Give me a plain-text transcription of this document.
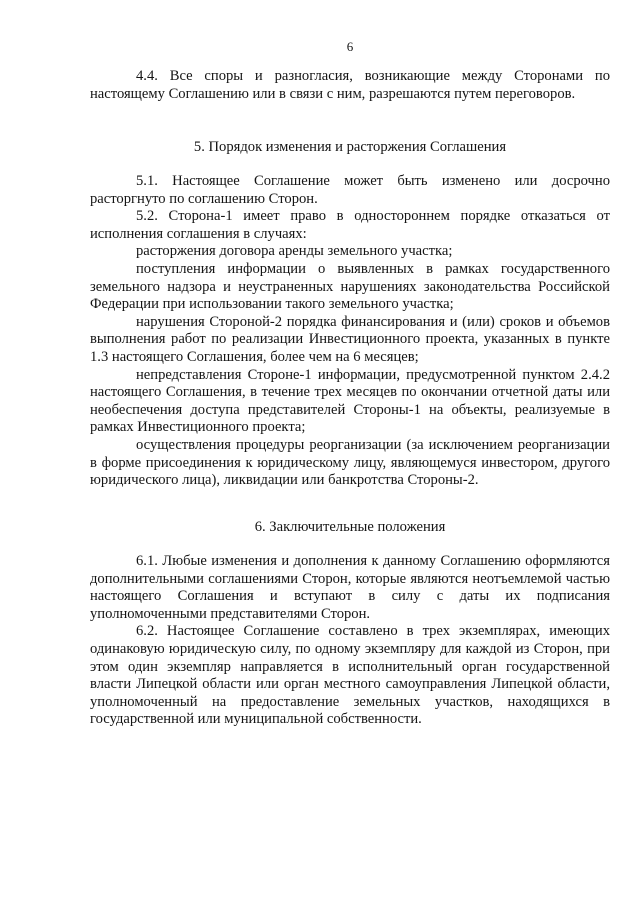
6

4.4. Все споры и разногласия, возникающие между Сторонами по настоящему Соглашению или в связи с ним, разрешаются путем переговоров.

5. Порядок изменения и расторжения Соглашения

5.1. Настоящее Соглашение может быть изменено или досрочно расторгнуто по соглашению Сторон.

5.2. Сторона-1 имеет право в одностороннем порядке отказаться от исполнения соглашения в случаях:

расторжения договора аренды земельного участка;

поступления информации о выявленных в рамках государственного земельного надзора и неустраненных нарушениях законодательства Российской Федерации при использовании такого земельного участка;

нарушения Стороной-2 порядка финансирования и (или) сроков и объемов выполнения работ по реализации Инвестиционного проекта, указанных в пункте 1.3 настоящего Соглашения, более чем на 6 месяцев;

непредставления Стороне-1 информации, предусмотренной пунктом 2.4.2 настоящего Соглашения, в течение трех месяцев по окончании отчетной даты или необеспечения доступа представителей Стороны-1 на объекты, реализуемые в рамках Инвестиционного проекта;

осуществления процедуры реорганизации (за исключением реорганизации в форме присоединения к юридическому лицу, являющемуся инвестором, другого юридического лица), ликвидации или банкротства Стороны-2.

6. Заключительные положения

6.1. Любые изменения и дополнения к данному Соглашению оформляются дополнительными соглашениями Сторон, которые являются неотъемлемой частью настоящего Соглашения и вступают в силу с даты их подписания уполномоченными представителями Сторон.

6.2. Настоящее Соглашение составлено в трех экземплярах, имеющих одинаковую юридическую силу, по одному экземпляру для каждой из Сторон, при этом один экземпляр направляется в исполнительный орган государственной власти Липецкой области или орган местного самоуправления Липецкой области, уполномоченный на предоставление земельных участков, находящихся в государственной или муниципальной собственности.
